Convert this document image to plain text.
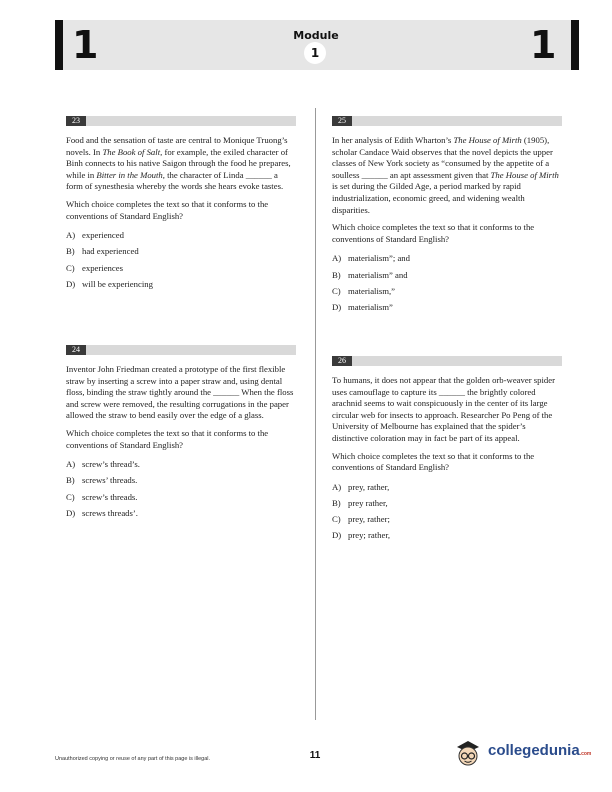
1	1
Module
1
23
Food and the sensation of taste are central to Monique Truong’s novels. In The Book of Salt, for example, the exiled character of Binh connects to his native Saigon through the food he prepares, while in Bitter in the Mouth, the character of Linda ______ a form of synesthesia whereby the words she hears evoke tastes.
Which choice completes the text so that it conforms to the conventions of Standard English?
A) experienced
B) had experienced
C) experiences
D) will be experiencing
24
Inventor John Friedman created a prototype of the first flexible straw by inserting a screw into a paper straw and, using dental floss, binding the straw tightly around the ______ When the floss and screw were removed, the resulting corrugations in the paper allowed the straw to bend easily over the edge of a glass.
Which choice completes the text so that it conforms to the conventions of Standard English?
A) screw’s thread’s.
B) screws’ threads.
C) screw’s threads.
D) screws threads’.
25
In her analysis of Edith Wharton’s The House of Mirth (1905), scholar Candace Waid observes that the novel depicts the upper classes of New York society as “consumed by the appetite of a soulless ______ an apt assessment given that The House of Mirth is set during the Gilded Age, a period marked by rapid industrialization, economic greed, and widening wealth disparities.
Which choice completes the text so that it conforms to the conventions of Standard English?
A) materialism”; and
B) materialism” and
C) materialism,”
D) materialism”
26
To humans, it does not appear that the golden orb-weaver spider uses camouflage to capture its ______ the brightly colored arachnid seems to wait conspicuously in the center of its large circular web for insects to approach. Researcher Po Peng of the University of Melbourne has explained that the spider’s distinctive coloration may in fact be part of its appeal.
Which choice completes the text so that it conforms to the conventions of Standard English?
A) prey, rather,
B) prey rather,
C) prey, rather;
D) prey; rather,
Unauthorized copying or reuse of any part of this page is illegal.	11	collegedunia.com
